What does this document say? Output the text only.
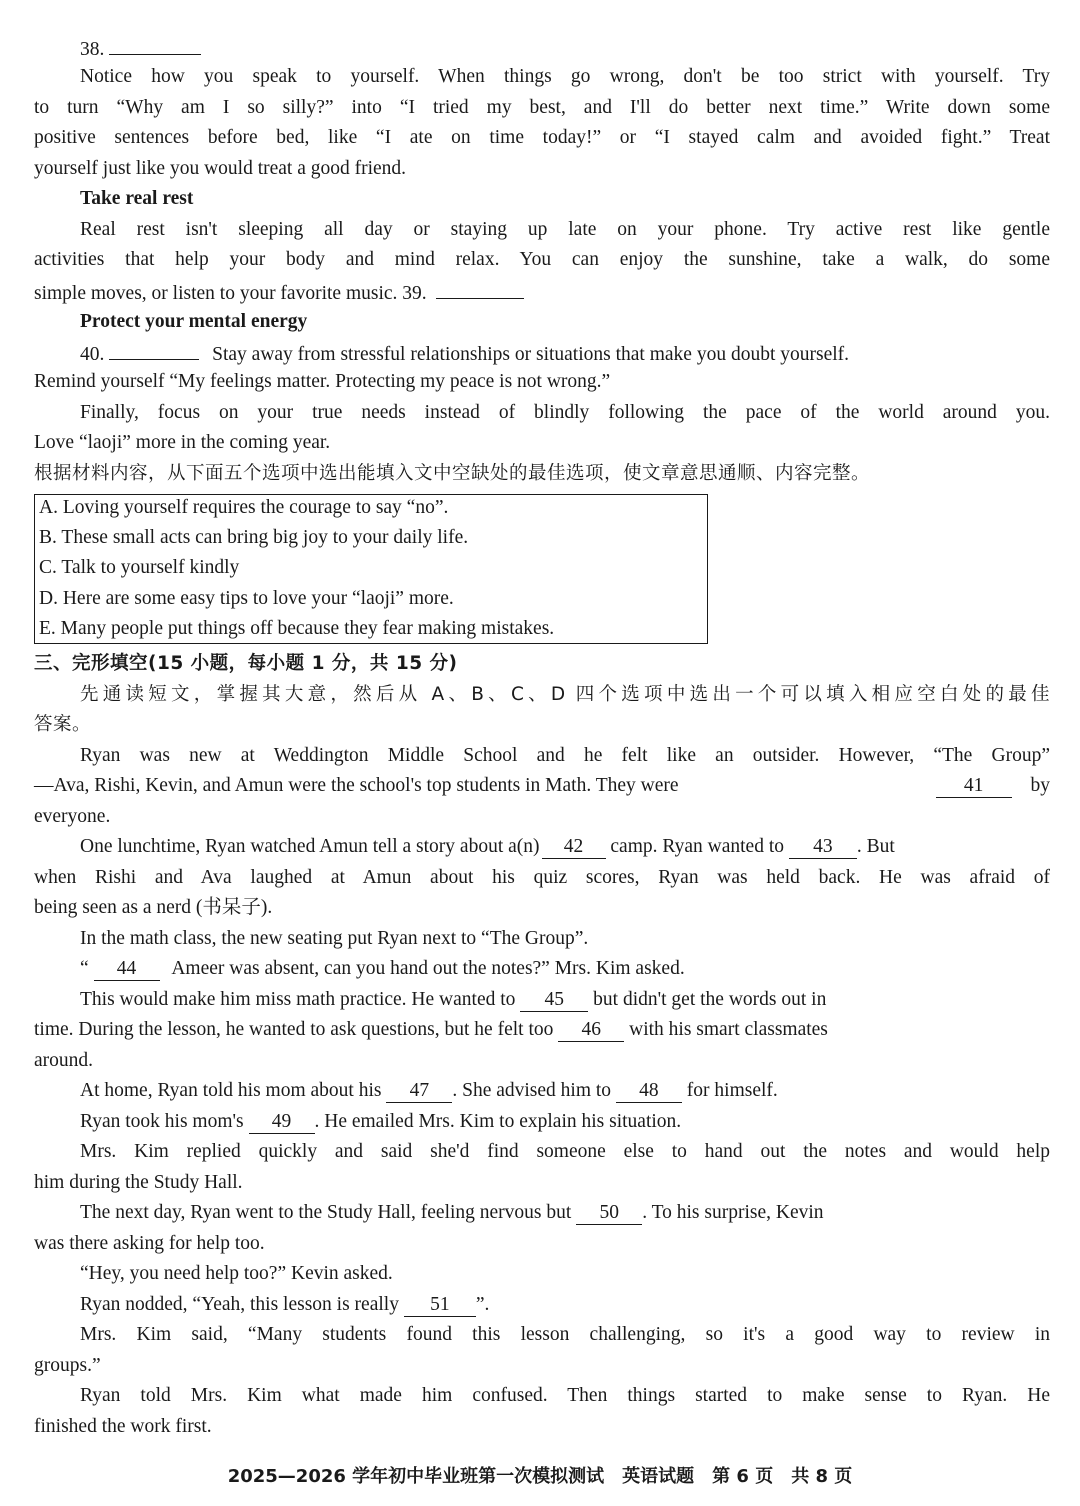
38.
Notice how you speak to yourself. When things go wrong, don't be too strict with yourself. Try
to turn “Why am I so silly?” into “I tried my best, and I'll do better next time.” Write down some
positive sentences before bed, like “I ate on time today!” or “I stayed calm and avoided fight.” Treat
yourself just like you would treat a good friend.
Take real rest
Real rest isn't sleeping all day or staying up late on your phone. Try active rest like gentle
activities that help your body and mind relax. You can enjoy the sunshine, take a walk, do some
simple moves, or listen to your favorite music. 39.
Protect your mental energy
40.	Stay away from stressful relationships or situations that make you doubt yourself.
Remind yourself “My feelings matter. Protecting my peace is not wrong.”
Finally, focus on your true needs instead of blindly following the pace of the world around you.
Love “laoji” more in the coming year.
根据材料内容，从下面五个选项中选出能填入文中空缺处的最佳选项，使文章意思通顺、内容完整。
A. Loving yourself requires the courage to say “no”.
B. These small acts can bring big joy to your daily life.
C. Talk to yourself kindly
D. Here are some easy tips to love your “laoji” more.
E. Many people put things off because they fear making mistakes.
三、完形填空(15 小题，每小题 1 分，共 15 分)
先通读短文，掌握其大意，然后从 A、B、C、D 四个选项中选出一个可以填入相应空白处的最佳
答案。
Ryan was new at Weddington Middle School and he felt like an outsider. However, “The Group”
—Ava, Rishi, Kevin, and Amun were the school's top students in Math. They were	41 by
everyone.
One lunchtime, Ryan watched Amun tell a story about a(n) 42 camp. Ryan wanted to 43 . But
when Rishi and Ava laughed at Amun about his quiz scores, Ryan was held back. He was afraid of
being seen as a nerd (书呆子).
In the math class, the new seating put Ryan next to “The Group”.
“ 44 Ameer was absent, can you hand out the notes?” Mrs. Kim asked.
This would make him miss math practice. He wanted to 45 but didn't get the words out in
time. During the lesson, he wanted to ask questions, but he felt too 46 with his smart classmates
around.
At home, Ryan told his mom about his 47 . She advised him to 48 for himself.
Ryan took his mom's 49 . He emailed Mrs. Kim to explain his situation.
Mrs. Kim replied quickly and said she'd find someone else to hand out the notes and would help
him during the Study Hall.
The next day, Ryan went to the Study Hall, feeling nervous but 50 . To his surprise, Kevin
was there asking for help too.
“Hey, you need help too?” Kevin asked.
Ryan nodded, “Yeah, this lesson is really 51 ”.
Mrs. Kim said, “Many students found this lesson challenging, so it's a good way to review in
groups.”
Ryan told Mrs. Kim what made him confused. Then things started to make sense to Ryan. He
finished the work first.
2025—2026 学年初中毕业班第一次模拟测试　英语试题　第 6 页　共 8 页
